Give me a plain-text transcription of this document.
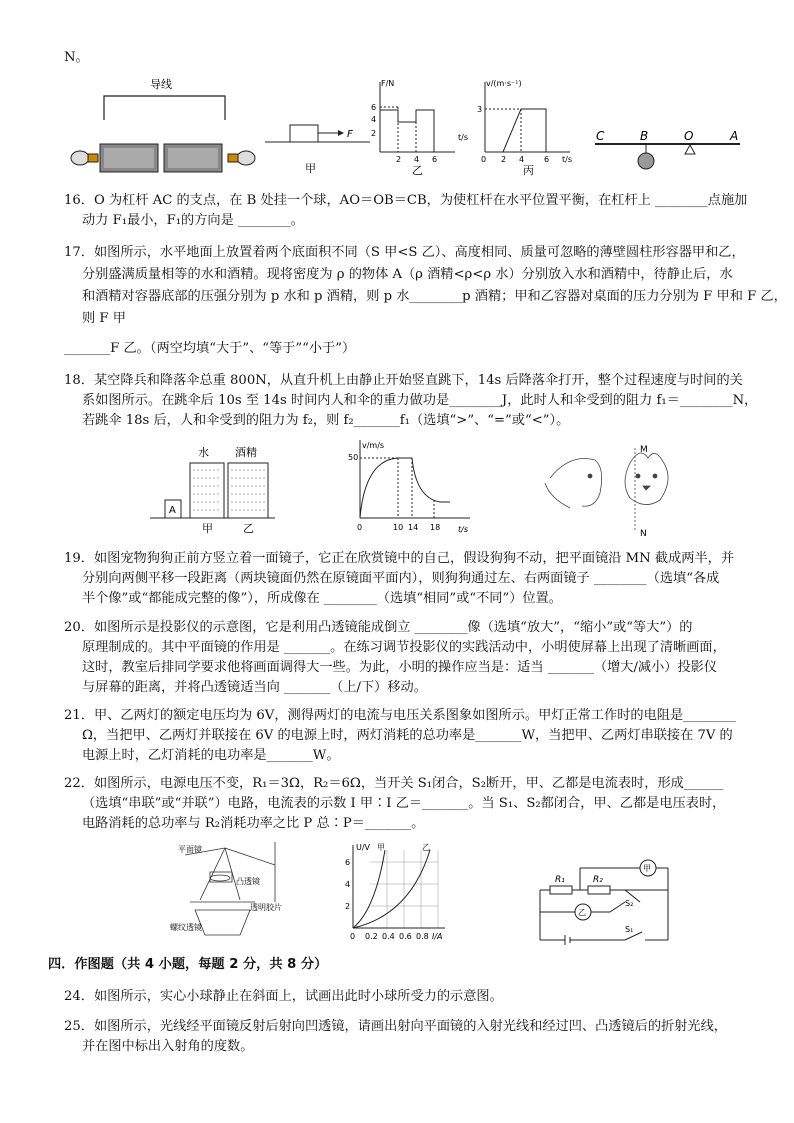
N。
导线
F
甲
F/N
t/s
6
4
2
2 4 6
乙
v/(m·s⁻¹)
t/s
3
0 2 4 6
丙
C	B	O	A
16．O 为杠杆 AC 的支点，在 B 处挂一个球，AO＝OB＝CB，为使杠杆在水平位置平衡，在杠杆上 ________点施加
动力 F₁最小，F₁的方向是 ________。
17．如图所示，水平地面上放置着两个底面积不同（S 甲<S 乙）、高度相同、质量可忽略的薄壁圆柱形容器甲和乙，
分别盛满质量相等的水和酒精。现将密度为 ρ 的物体 A（ρ 酒精<ρ<ρ 水）分别放入水和酒精中，待静止后，水
和酒精对容器底部的压强分别为 p 水和 p 酒精，则 p 水________p 酒精；甲和乙容器对桌面的压力分别为 F 甲和 F 乙，
则 F 甲
_______F 乙。（两空均填“大于”、“等于”“小于”）
18．某空降兵和降落伞总重 800N，从直升机上由静止开始竖直跳下，14s 后降落伞打开，整个过程速度与时间的关
系如图所示。在跳伞后 10s 至 14s 时间内人和伞的重力做功是________J，此时人和伞受到的阻力 f₁＝________N，
若跳伞 18s 后，人和伞受到的阻力为 f₂，则 f₂_______f₁（选填“>”、“=”或“<”）。
A
水 酒精
甲	乙
v/m/s
t/s
50
0	10 14 18
M
N
19．如图宠物狗狗正前方竖立着一面镜子，它正在欣赏镜中的自己，假设狗狗不动，把平面镜沿 MN 截成两半，并
分别向两侧平移一段距离（两块镜面仍然在原镜面平面内），则狗狗通过左、右两面镜子 ________（选填“各成
半个像”或“都能成完整的像”），所成像在 ________（选填“相同”或“不同”）位置。
20．如图所示是投影仪的示意图，它是利用凸透镜能成倒立 ________像（选填“放大”，“缩小”或“等大”）的
原理制成的。其中平面镜的作用是 _______。在练习调节投影仪的实践活动中，小明使屏幕上出现了清晰画面，
这时，教室后排同学要求他将画面调得大一些。为此，小明的操作应当是：适当 _______（增大/减小）投影仪
与屏幕的距离，并将凸透镜适当向 _______（上/下）移动。
21．甲、乙两灯的额定电压均为 6V，测得两灯的电流与电压关系图象如图所示。甲灯正常工作时的电阻是________
Ω，当把甲、乙两灯并联接在 6V 的电源上时，两灯消耗的总功率是_______W，当把甲、乙两灯串联接在 7V 的
电源上时，乙灯消耗的电功率是_______W。
22．如图所示，电源电压不变，R₁＝3Ω，R₂＝6Ω，当开关 S₁闭合，S₂断开，甲、乙都是电流表时，形成______
（选填“串联”或“并联”）电路，电流表的示数 I 甲∶I 乙＝_______。当 S₁、S₂都闭合，甲、乙都是电压表时，
电路消耗的总功率与 R₂消耗功率之比 P 总∶P＝_______。
平面镜
凸透镜
透明胶片
螺纹透镜
U/V 甲	乙
6
4
2
0 0.2 0.4 0.6 0.8 I/A
R₁	R₂
S₂
S₁
甲
乙
四．作图题（共 4 小题，每题 2 分，共 8 分）
24．如图所示，实心小球静止在斜面上，试画出此时小球所受力的示意图。
25．如图所示，光线经平面镜反射后射向凹透镜，请画出射向平面镜的入射光线和经过凹、凸透镜后的折射光线，
并在图中标出入射角的度数。
